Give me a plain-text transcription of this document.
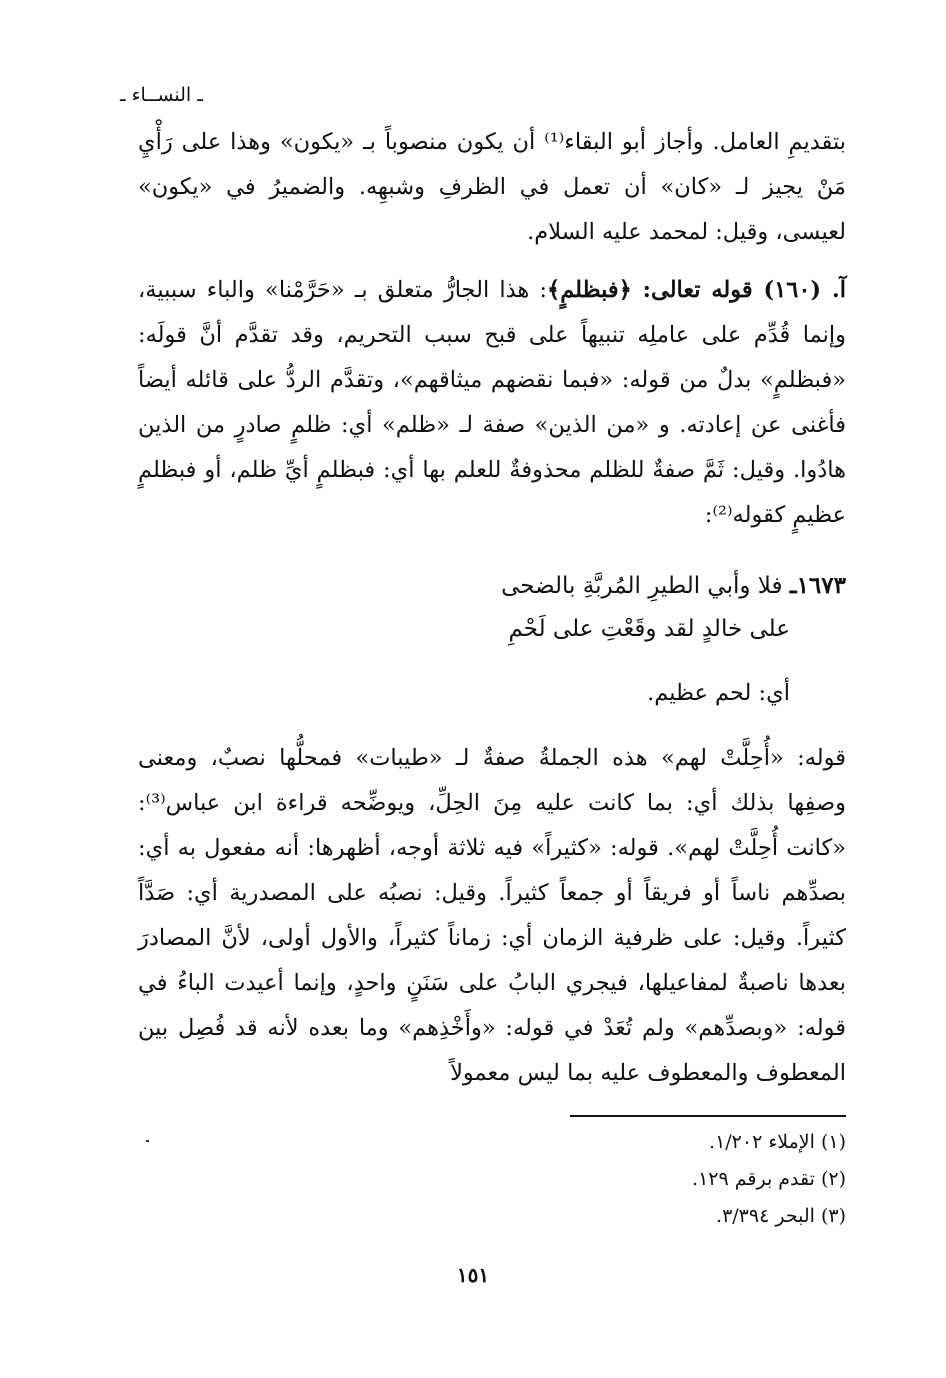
ـ النســاء ـ

بتقديمِ العامل. وأجاز أبو البقاء⁽¹⁾ أن يكون منصوباً بـ «يكون» وهذا على رَأْيِ مَنْ يجيز لـ «كان» أن تعمل في الظرفِ وشبهِه. والضميرُ في «يكون» لعيسى، وقيل: لمحمد عليه السلام.

آ. (١٦٠) قوله تعالى: ﴿فبظلمٍ﴾: هذا الجارُّ متعلق بـ «حَرَّمْنا» والباء سببية، وإنما قُدِّم على عاملِه تنبيهاً على قبح سبب التحريم، وقد تقدَّم أنَّ قولَه: «فبظلمٍ» بدلٌ من قوله: «فبما نقضهم ميثاقهم»، وتقدَّم الردُّ على قائله أيضاً فأغنى عن إعادته. و «من الذين» صفة لـ «ظلم» أي: ظلمٍ صادرٍ من الذين هادُوا. وقيل: ثَمَّ صفةٌ للظلم محذوفةٌ للعلم بها أي: فبظلمٍ أيِّ ظلم، أو فبظلمٍ عظيمٍ كقوله⁽²⁾:

١٦٧٣ـ فلا وأبي الطيرِ المُربَّةِ بالضحى
على خالدٍ لقد وقَعْتِ على لَحْمِ
أي: لحم عظيم.

قوله: «أُحِلَّتْ لهم» هذه الجملةُ صفةٌ لـ «طيبات» فمحلُّها نصبٌ، ومعنى وصفِها بذلك أي: بما كانت عليه مِنَ الحِلِّ، ويوضِّحه قراءة ابن عباس⁽³⁾: «كانت أُحِلَّتْ لهم». قوله: «كثيراً» فيه ثلاثة أوجه، أظهرها: أنه مفعول به أي: بصدِّهم ناساً أو فريقاً أو جمعاً كثيراً. وقيل: نصبُه على المصدرية أي: صَدَّاً كثيراً. وقيل: على ظرفية الزمان أي: زماناً كثيراً، والأول أولى، لأنَّ المصادرَ بعدها ناصبةٌ لمفاعيلها، فيجري البابُ على سَنَنٍ واحدٍ، وإنما أعيدت الباءُ في قوله: «وبصدِّهم» ولم تُعَدْ في قوله: «وأَخْذِهم» وما بعده لأنه قد فُصِل بين المعطوف والمعطوف عليه بما ليس معمولاً

(١) الإملاء ١/٢٠٢.
(٢) تقدم برقم ١٢٩.
(٣) البحر ٣/٣٩٤.
١٥١
